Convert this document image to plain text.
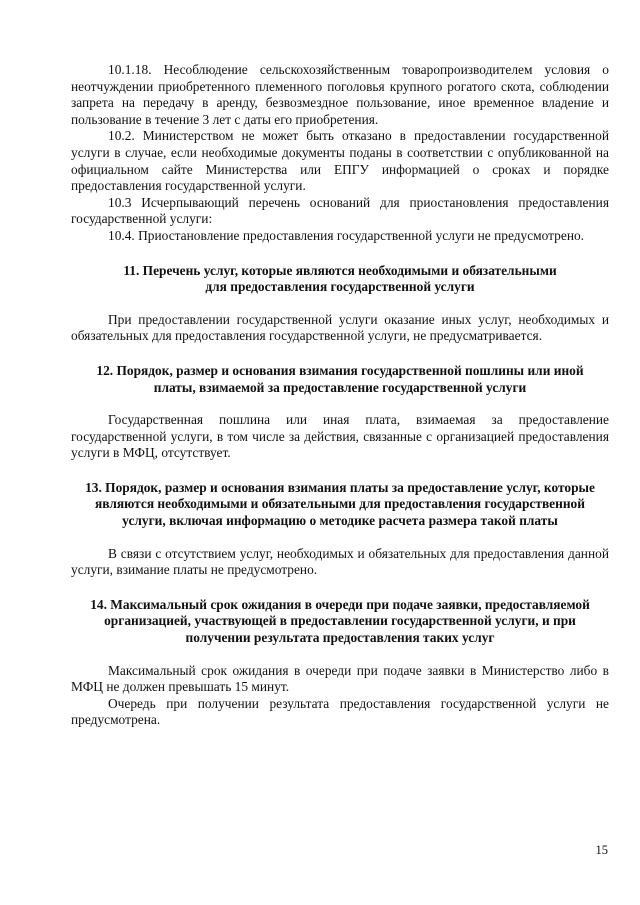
10.1.18. Несоблюдение сельскохозяйственным товаропроизводителем условия о неотчуждении приобретенного племенного поголовья крупного рогатого скота, соблюдении запрета на передачу в аренду, безвозмездное пользование, иное временное владение и пользование в течение 3 лет с даты его приобретения.

10.2. Министерством не может быть отказано в предоставлении государственной услуги в случае, если необходимые документы поданы в соответствии с опубликованной на официальном сайте Министерства или ЕПГУ информацией о сроках и порядке предоставления государственной услуги.

10.3 Исчерпывающий перечень оснований для приостановления предоставления государственной услуги:

10.4. Приостановление предоставления государственной услуги не предусмотрено.

11. Перечень услуг, которые являются необходимыми и обязательными для предоставления государственной услуги

При предоставлении государственной услуги оказание иных услуг, необходимых и обязательных для предоставления государственной услуги, не предусматривается.

12. Порядок, размер и основания взимания государственной пошлины или иной платы, взимаемой за предоставление государственной услуги

Государственная пошлина или иная плата, взимаемая за предоставление государственной услуги, в том числе за действия, связанные с организацией предоставления услуги в МФЦ, отсутствует.

13. Порядок, размер и основания взимания платы за предоставление услуг, которые являются необходимыми и обязательными для предоставления государственной услуги, включая информацию о методике расчета размера такой платы

В связи с отсутствием услуг, необходимых и обязательных для предоставления данной услуги, взимание платы не предусмотрено.

14. Максимальный срок ожидания в очереди при подаче заявки, предоставляемой организацией, участвующей в предоставлении государственной услуги, и при получении результата предоставления таких услуг

Максимальный срок ожидания в очереди при подаче заявки в Министерство либо в МФЦ не должен превышать 15 минут.

Очередь при получении результата предоставления государственной услуги не предусмотрена.

15
